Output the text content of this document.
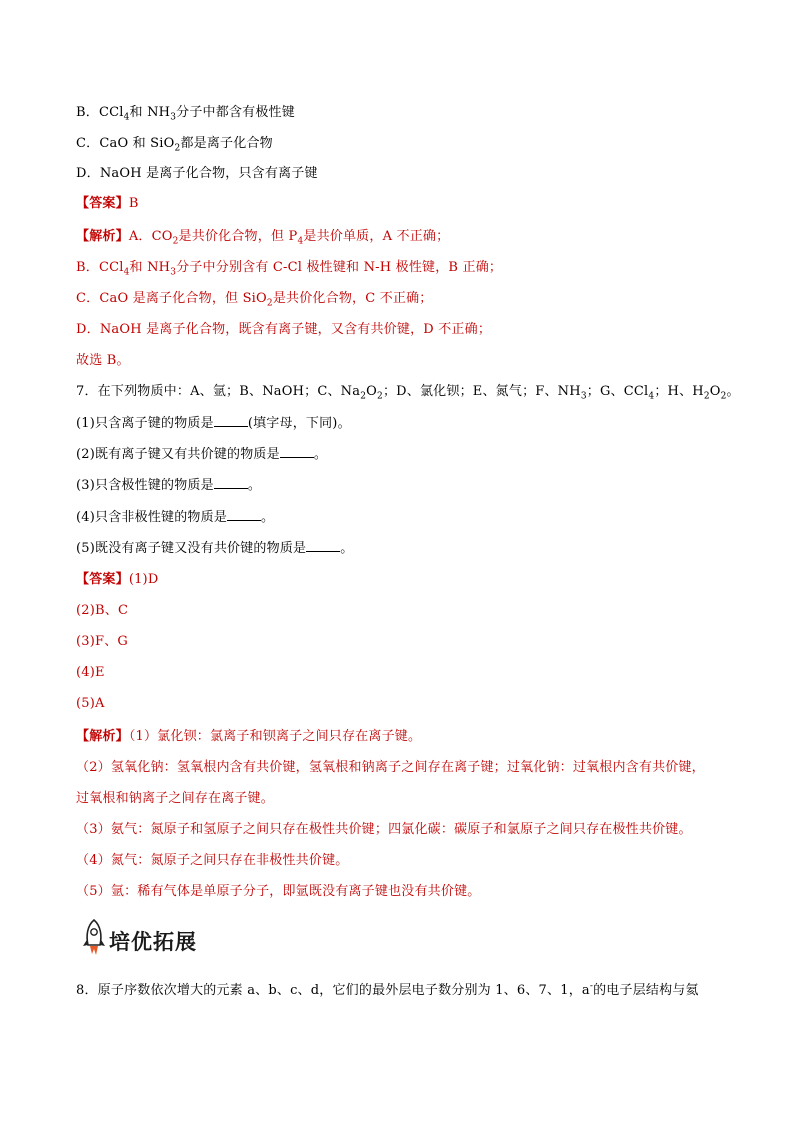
B．CCl$_4$和 $NH_3$分子中都含有极性键
C．CaO 和 SiO$_2$都是离子化合物
D．NaOH 是离子化合物，只含有离子键
【答案】B
【解析】A．$CO_2$是共价化合物，但 $P_4$是共价单质，A 不正确；
B．CCl$_4$和 $NH_3$分子中分别含有 C-Cl 极性键和 N-H 极性键，B 正确；
C．CaO 是离子化合物，但 SiO$_2$是共价化合物，C 不正确；
D．NaOH 是离子化合物，既含有离子键，又含有共价键，D 不正确；
故选 B。
7．在下列物质中：A、氩；B、NaOH；C、$Na_2O_2$；D、氯化钡；E、氮气；F、$NH_3$；G、CCl$_4$；H、$H_2O_2$。
(1)只含离子键的物质是	(填字母，下同)。
(2)既有离子键又有共价键的物质是	。
(3)只含极性键的物质是	。
(4)只含非极性键的物质是	。
(5)既没有离子键又没有共价键的物质是	。
【答案】(1)D
(2)B、C
(3)F、G
(4)E
(5)A
【解析】（1）氯化钡：氯离子和钡离子之间只存在离子键。
（2）氢氧化钠：氢氧根内含有共价键，氢氧根和钠离子之间存在离子键；过氧化钠：过氧根内含有共价键，
过氧根和钠离子之间存在离子键。
（3）氨气：氮原子和氢原子之间只存在极性共价键；四氯化碳：碳原子和氯原子之间只存在极性共价键。
（4）氮气：氮原子之间只存在非极性共价键。
（5）氩：稀有气体是单原子分子，即氩既没有离子键也没有共价键。
培优拓展
8．原子序数依次增大的元素 a、b、c、d，它们的最外层电子数分别为 1、6、7、1，a-的电子层结构与氦
